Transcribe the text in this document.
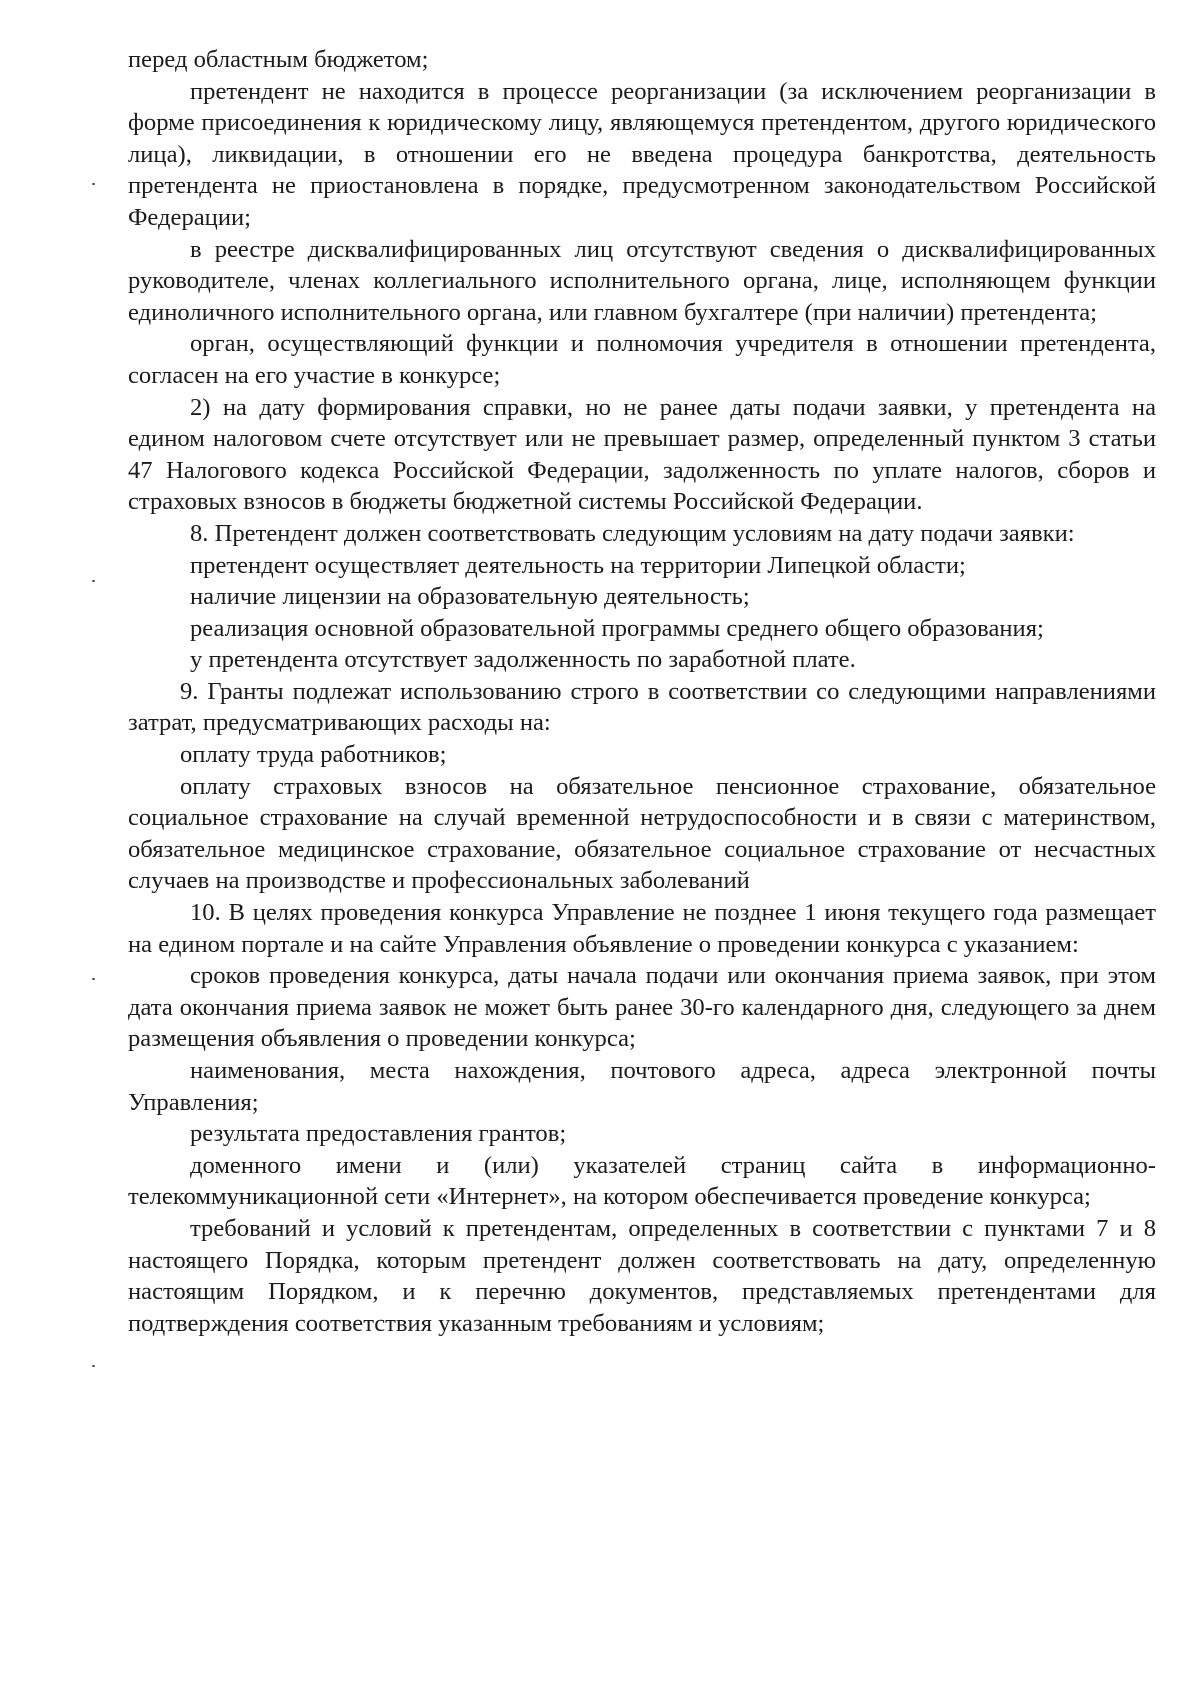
перед областным бюджетом;

претендент не находится в процессе реорганизации (за исключением реорганизации в форме присоединения к юридическому лицу, являющемуся претендентом, другого юридического лица), ликвидации, в отношении его не введена процедура банкротства, деятельность претендента не приостановлена в порядке, предусмотренном законодательством Российской Федерации;

в реестре дисквалифицированных лиц отсутствуют сведения о дисквалифицированных руководителе, членах коллегиального исполнительного органа, лице, исполняющем функции единоличного исполнительного органа, или главном бухгалтере (при наличии) претендента;

орган, осуществляющий функции и полномочия учредителя в отношении претендента, согласен на его участие в конкурсе;

2) на дату формирования справки, но не ранее даты подачи заявки, у претендента на едином налоговом счете отсутствует или не превышает размер, определенный пунктом 3 статьи 47 Налогового кодекса Российской Федерации, задолженность по уплате налогов, сборов и страховых взносов в бюджеты бюджетной системы Российской Федерации.

8. Претендент должен соответствовать следующим условиям на дату подачи заявки:

претендент осуществляет деятельность на территории Липецкой области;

наличие лицензии на образовательную деятельность;

реализация основной образовательной программы среднего общего образования;

у претендента отсутствует задолженность по заработной плате.

9. Гранты подлежат использованию строго в соответствии со следующими направлениями затрат, предусматривающих расходы на:

оплату труда работников;

оплату страховых взносов на обязательное пенсионное страхование, обязательное социальное страхование на случай временной нетрудоспособности и в связи с материнством, обязательное медицинское страхование, обязательное социальное страхование от несчастных случаев на производстве и профессиональных заболеваний

10. В целях проведения конкурса Управление не позднее 1 июня текущего года размещает на едином портале и на сайте Управления объявление о проведении конкурса с указанием:

сроков проведения конкурса, даты начала подачи или окончания приема заявок, при этом дата окончания приема заявок не может быть ранее 30-го календарного дня, следующего за днем размещения объявления о проведении конкурса;

наименования, места нахождения, почтового адреса, адреса электронной почты Управления;

результата предоставления грантов;

доменного имени и (или) указателей страниц сайта в информационно-телекоммуникационной сети «Интернет», на котором обеспечивается проведение конкурса;

требований и условий к претендентам, определенных в соответствии с пунктами 7 и 8 настоящего Порядка, которым претендент должен соответствовать на дату, определенную настоящим Порядком, и к перечню документов, представляемых претендентами для подтверждения соответствия указанным требованиям и условиям;
